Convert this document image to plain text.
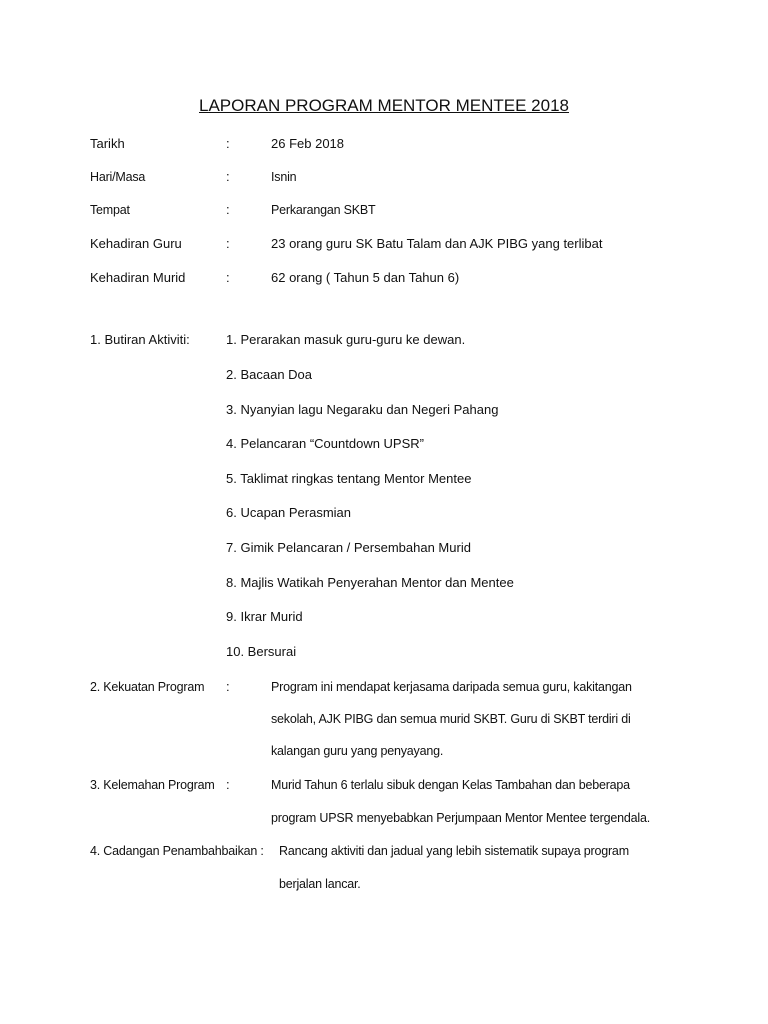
LAPORAN PROGRAM MENTOR MENTEE 2018
Tarikh	:	26 Feb 2018
Hari/Masa	:	Isnin
Tempat	:	Perkarangan SKBT
Kehadiran Guru	:	23 orang guru SK Batu Talam dan AJK PIBG yang terlibat
Kehadiran Murid	:	62 orang ( Tahun 5 dan Tahun 6)
1. Butiran Aktiviti:	1. Perarakan masuk guru-guru ke dewan.
2. Bacaan Doa
3. Nyanyian lagu Negaraku dan Negeri Pahang
4. Pelancaran “Countdown UPSR”
5. Taklimat ringkas tentang Mentor Mentee
6. Ucapan Perasmian
7. Gimik Pelancaran / Persembahan Murid
8. Majlis Watikah Penyerahan Mentor dan Mentee
9. Ikrar Murid
10. Bersurai
2. Kekuatan Program :	Program ini mendapat kerjasama daripada semua guru, kakitangan
sekolah, AJK PIBG dan semua murid SKBT. Guru di SKBT terdiri di
kalangan guru yang penyayang.
3. Kelemahan Program :	Murid Tahun 6 terlalu sibuk dengan Kelas Tambahan dan beberapa
program UPSR menyebabkan Perjumpaan Mentor Mentee tergendala.
4. Cadangan Penambahbaikan : Rancang aktiviti dan jadual yang lebih sistematik supaya program
berjalan lancar.
